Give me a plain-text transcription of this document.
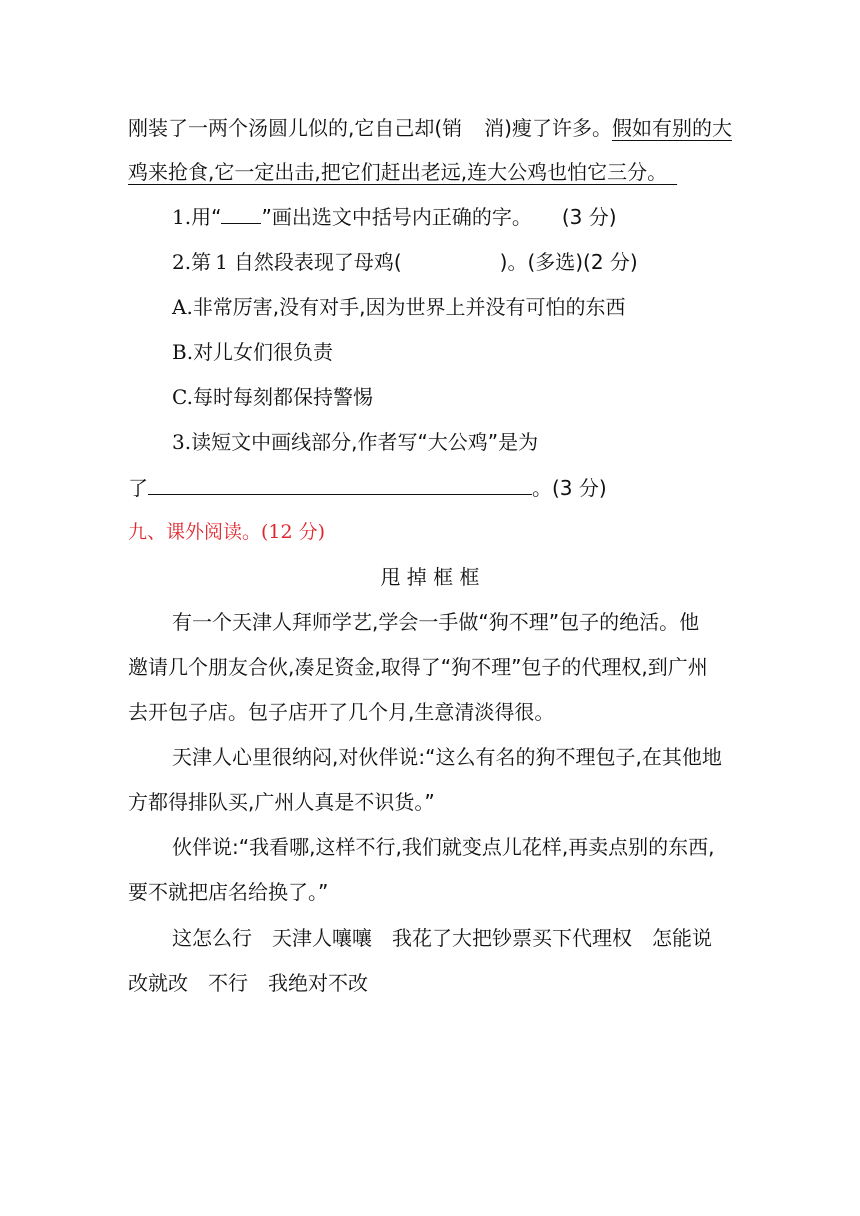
刚装了一两个汤圆儿似的,它自己却(销 消)瘦了许多。假如有别的大
鸡来抢食,它一定出击,把它们赶出老远,连大公鸡也怕它三分。　
1.用“ ”画出选文中括号内正确的字。 (3 分)
2.第 1 自然段表现了母鸡(	)。(多选)(2 分)
A.非常厉害,没有对手,因为世界上并没有可怕的东西
B.对儿女们很负责
C.每时每刻都保持警惕
3.读短文中画线部分,作者写“大公鸡”是为
了	。(3 分)
九、课外阅读。(12 分)
甩 掉 框 框
有一个天津人拜师学艺,学会一手做“狗不理”包子的绝活。他
邀请几个朋友合伙,凑足资金,取得了“狗不理”包子的代理权,到广州
去开包子店。包子店开了几个月,生意清淡得很。
天津人心里很纳闷,对伙伴说:“这么有名的狗不理包子,在其他地
方都得排队买,广州人真是不识货。”
伙伴说:“我看哪,这样不行,我们就变点儿花样,再卖点别的东西,
要不就把店名给换了。”
这怎么行　天津人嚷嚷　我花了大把钞票买下代理权　怎能说
改就改　不行　我绝对不改
